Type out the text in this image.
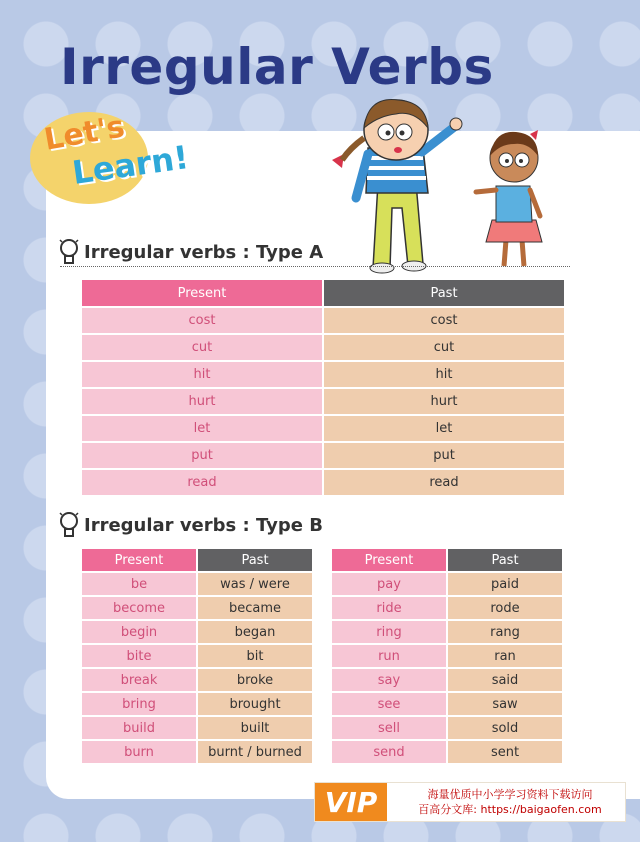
Irregular Verbs
Let's
Learn!
Irregular verbs : Type A
Present	Past
cost	cost
cut	cut
hit	hit
hurt	hurt
let	let
put	put
read	read
Irregular verbs : Type B
Present	Past
be	was / were
become	became
begin	began
bite	bit
break	broke
bring	brought
build	built
burn	burnt / burned
Present	Past
pay	paid
ride	rode
ring	rang
run	ran
say	said
see	saw
sell	sold
send	sent
VIP	海量优质中小学学习资料下载访问
百高分文库: https://baigaofen.com
